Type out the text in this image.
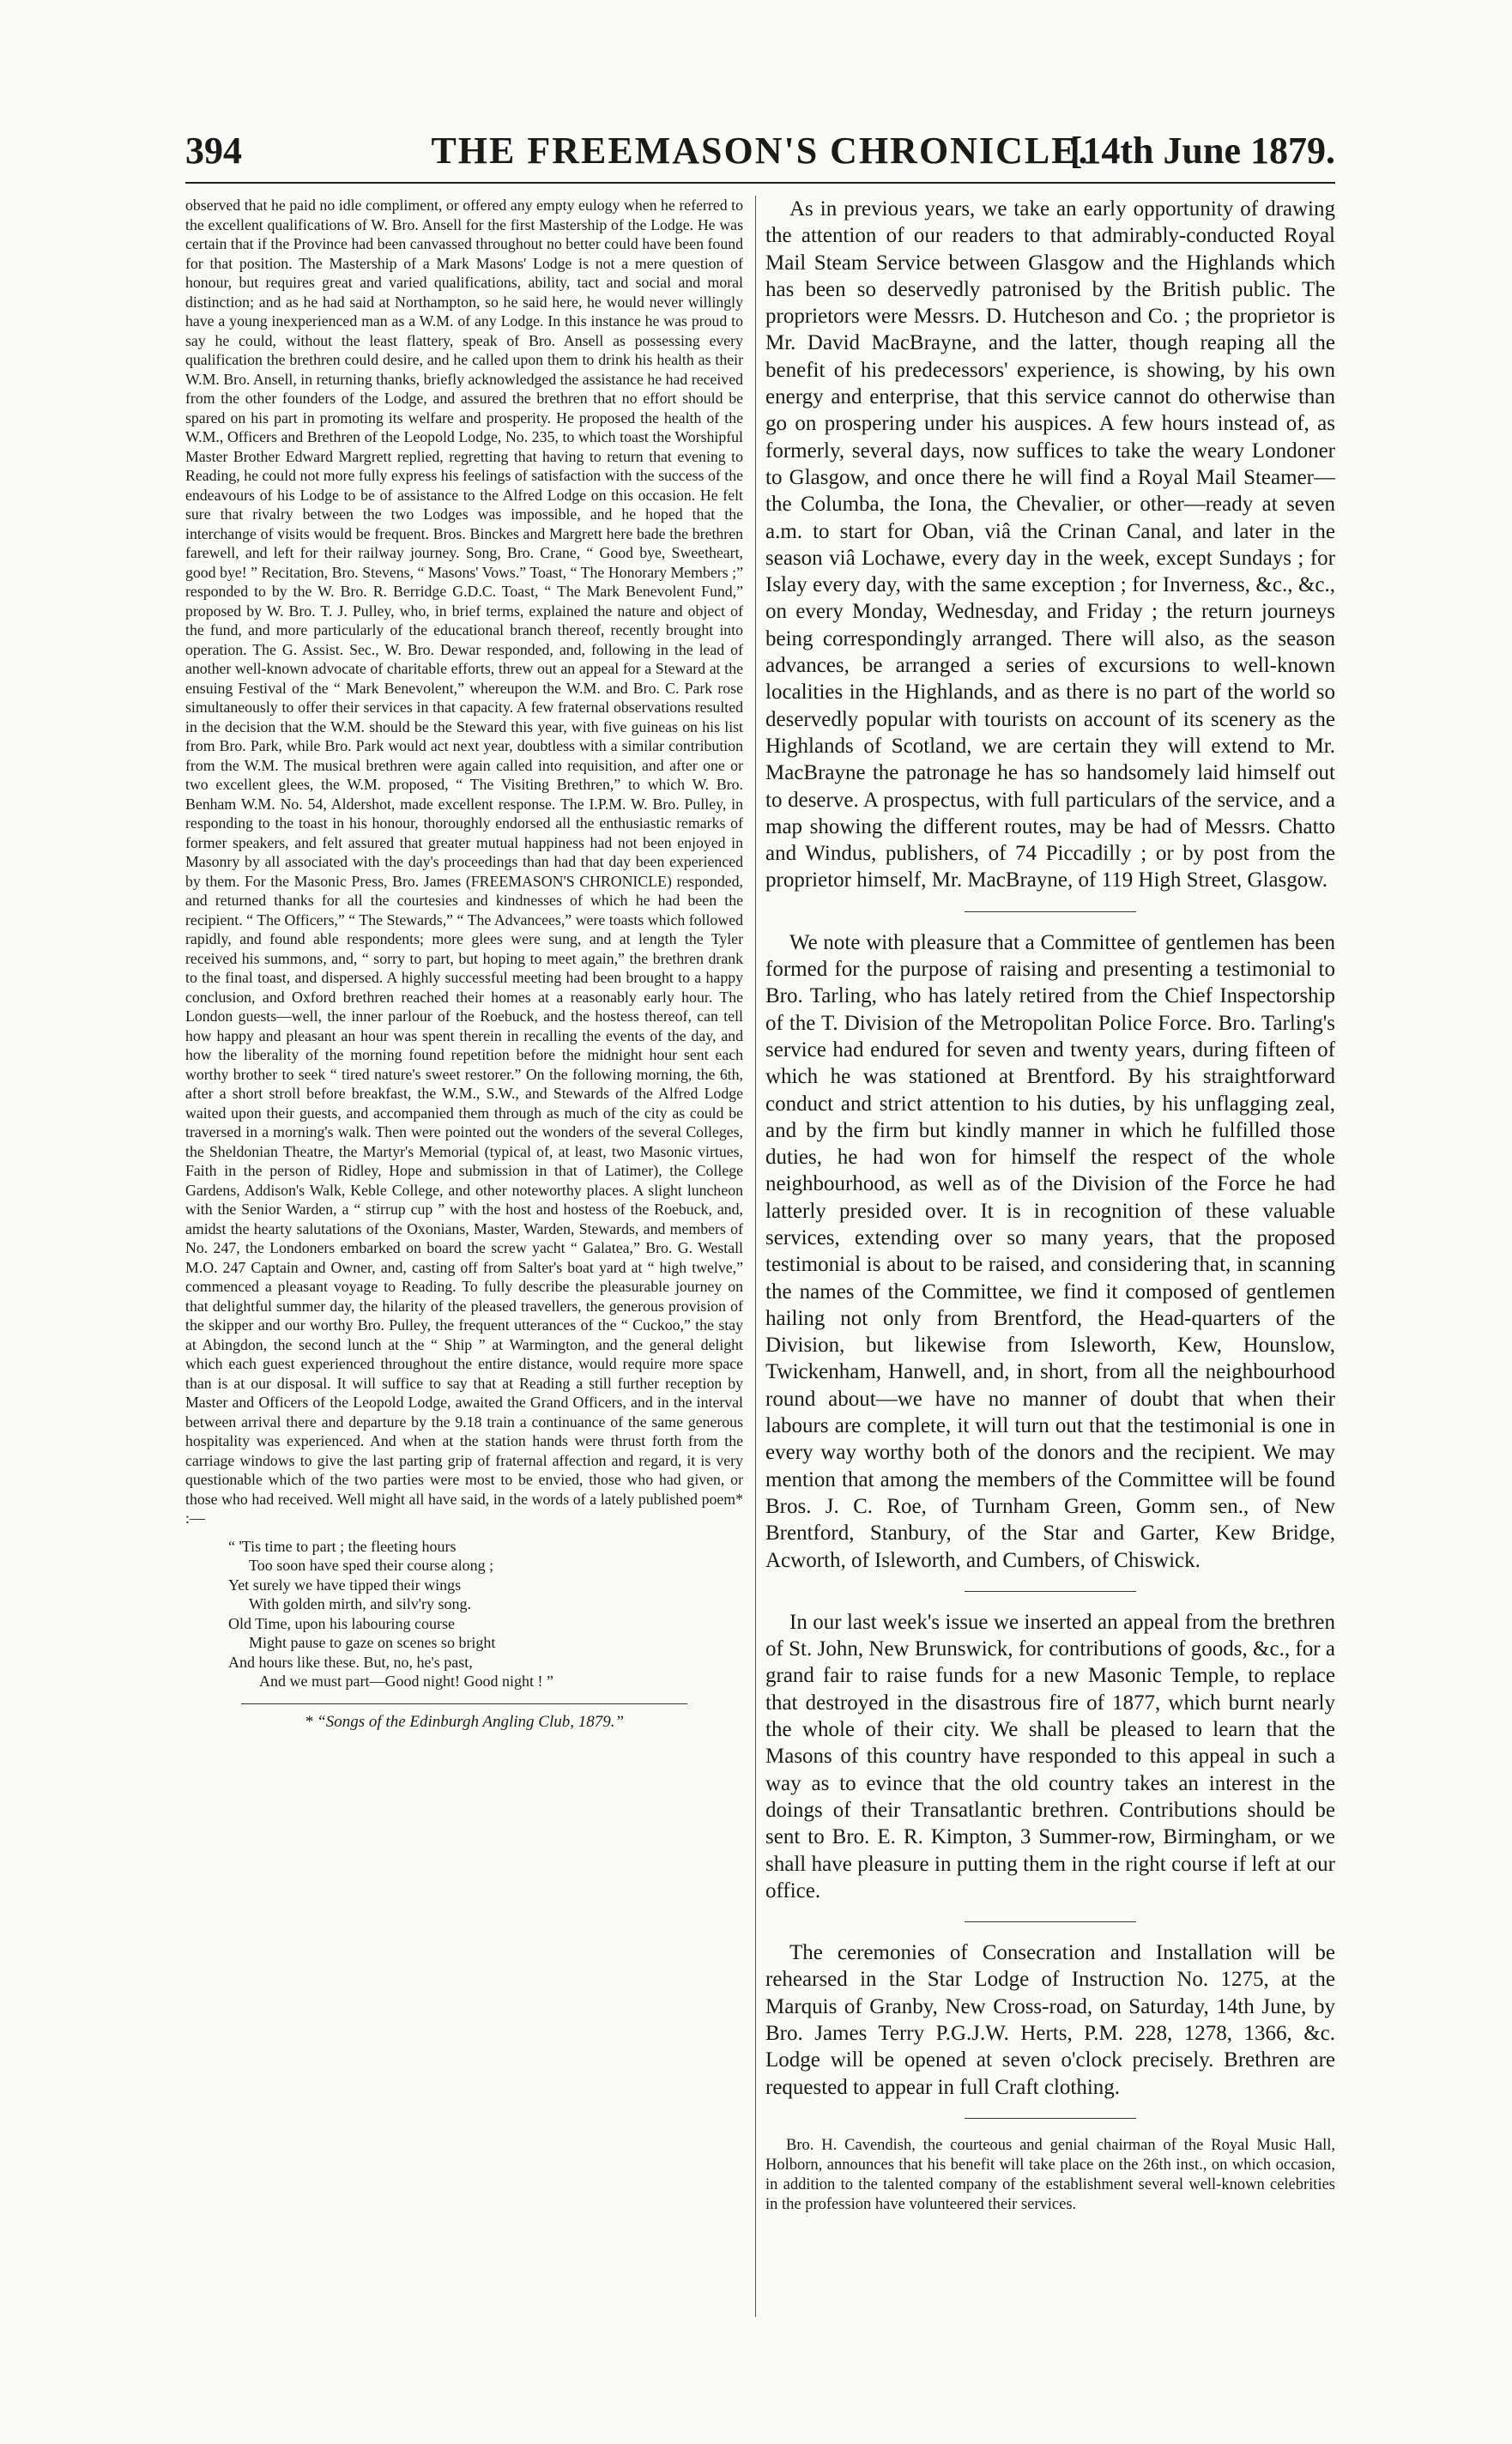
THE FREEMASON'S CHRONICLE.
394	[14th June 1879.

observed that he paid no idle compliment, or offered any empty eulogy when he referred to the excellent qualifications of W. Bro. Ansell for the first Mastership of the Lodge. He was certain that if the Province had been canvassed throughout no better could have been found for that position. The Mastership of a Mark Masons' Lodge is not a mere question of honour, but requires great and varied qualifications, ability, tact and social and moral distinction; and as he had said at Northampton, so he said here, he would never willingly have a young inexperienced man as a W.M. of any Lodge. In this instance he was proud to say he could, without the least flattery, speak of Bro. Ansell as possessing every qualification the brethren could desire, and he called upon them to drink his health as their W.M. Bro. Ansell, in returning thanks, briefly acknowledged the assistance he had received from the other founders of the Lodge, and assured the brethren that no effort should be spared on his part in promoting its welfare and prosperity. He proposed the health of the W.M., Officers and Brethren of the Leopold Lodge, No. 235, to which toast the Worshipful Master Brother Edward Margrett replied, regretting that having to return that evening to Reading, he could not more fully express his feelings of satisfaction with the success of the endeavours of his Lodge to be of assistance to the Alfred Lodge on this occasion. He felt sure that rivalry between the two Lodges was impossible, and he hoped that the interchange of visits would be frequent. Bros. Binckes and Margrett here bade the brethren farewell, and left for their railway journey. Song, Bro. Crane, “ Good bye, Sweetheart, good bye! ” Recitation, Bro. Stevens, “ Masons' Vows.” Toast, “ The Honorary Members ;” responded to by the W. Bro. R. Berridge G.D.C. Toast, “ The Mark Benevolent Fund,” proposed by W. Bro. T. J. Pulley, who, in brief terms, explained the nature and object of the fund, and more particularly of the educational branch thereof, recently brought into operation. The G. Assist. Sec., W. Bro. Dewar responded, and, following in the lead of another well-known advocate of charitable efforts, threw out an appeal for a Steward at the ensuing Festival of the “ Mark Benevolent,” whereupon the W.M. and Bro. C. Park rose simultaneously to offer their services in that capacity. A few fraternal observations resulted in the decision that the W.M. should be the Steward this year, with five guineas on his list from Bro. Park, while Bro. Park would act next year, doubtless with a similar contribution from the W.M. The musical brethren were again called into requisition, and after one or two excellent glees, the W.M. proposed, “ The Visiting Brethren,” to which W. Bro. Benham W.M. No. 54, Aldershot, made excellent response. The I.P.M. W. Bro. Pulley, in responding to the toast in his honour, thoroughly endorsed all the enthusiastic remarks of former speakers, and felt assured that greater mutual happiness had not been enjoyed in Masonry by all associated with the day's proceedings than had that day been experienced by them. For the Masonic Press, Bro. James (FREEMASON'S CHRONICLE) responded, and returned thanks for all the courtesies and kindnesses of which he had been the recipient. “ The Officers,” “ The Stewards,” “ The Advancees,” were toasts which followed rapidly, and found able respondents; more glees were sung, and at length the Tyler received his summons, and, “ sorry to part, but hoping to meet again,” the brethren drank to the final toast, and dispersed. A highly successful meeting had been brought to a happy conclusion, and Oxford brethren reached their homes at a reasonably early hour. The London guests—well, the inner parlour of the Roebuck, and the hostess thereof, can tell how happy and pleasant an hour was spent therein in recalling the events of the day, and how the liberality of the morning found repetition before the midnight hour sent each worthy brother to seek “ tired nature's sweet restorer.” On the following morning, the 6th, after a short stroll before breakfast, the W.M., S.W., and Stewards of the Alfred Lodge waited upon their guests, and accompanied them through as much of the city as could be traversed in a morning's walk. Then were pointed out the wonders of the several Colleges, the Sheldonian Theatre, the Martyr's Memorial (typical of, at least, two Masonic virtues, Faith in the person of Ridley, Hope and submission in that of Latimer), the College Gardens, Addison's Walk, Keble College, and other noteworthy places. A slight luncheon with the Senior Warden, a “ stirrup cup ” with the host and hostess of the Roebuck, and, amidst the hearty salutations of the Oxonians, Master, Warden, Stewards, and members of No. 247, the Londoners embarked on board the screw yacht “ Galatea,” Bro. G. Westall M.O. 247 Captain and Owner, and, casting off from Salter's boat yard at “ high twelve,” commenced a pleasant voyage to Reading. To fully describe the pleasurable journey on that delightful summer day, the hilarity of the pleased travellers, the generous provision of the skipper and our worthy Bro. Pulley, the frequent utterances of the “ Cuckoo,” the stay at Abingdon, the second lunch at the “ Ship ” at Warmington, and the general delight which each guest experienced throughout the entire distance, would require more space than is at our disposal. It will suffice to say that at Reading a still further reception by Master and Officers of the Leopold Lodge, awaited the Grand Officers, and in the interval between arrival there and departure by the 9.18 train a continuance of the same generous hospitality was experienced. And when at the station hands were thrust forth from the carriage windows to give the last parting grip of fraternal affection and regard, it is very questionable which of the two parties were most to be envied, those who had given, or those who had received. Well might all have said, in the words of a lately published poem* :—

“ 'Tis time to part ; the fleeting hours
Too soon have sped their course along ;
Yet surely we have tipped their wings
With golden mirth, and silv'ry song.
Old Time, upon his labouring course
Might pause to gaze on scenes so bright
And hours like these. But, no, he's past,
And we must part—Good night! Good night ! ”
* “Songs of the Edinburgh Angling Club, 1879.”

As in previous years, we take an early opportunity of drawing the attention of our readers to that admirably-conducted Royal Mail Steam Service between Glasgow and the Highlands which has been so deservedly patronised by the British public. The proprietors were Messrs. D. Hutcheson and Co. ; the proprietor is Mr. David MacBrayne, and the latter, though reaping all the benefit of his predecessors' experience, is showing, by his own energy and enterprise, that this service cannot do otherwise than go on prospering under his auspices. A few hours instead of, as formerly, several days, now suffices to take the weary Londoner to Glasgow, and once there he will find a Royal Mail Steamer—the Columba, the Iona, the Chevalier, or other—ready at seven a.m. to start for Oban, viâ the Crinan Canal, and later in the season viâ Lochawe, every day in the week, except Sundays ; for Islay every day, with the same exception ; for Inverness, &c., &c., on every Monday, Wednesday, and Friday ; the return journeys being correspondingly arranged. There will also, as the season advances, be arranged a series of excursions to well-known localities in the Highlands, and as there is no part of the world so deservedly popular with tourists on account of its scenery as the Highlands of Scotland, we are certain they will extend to Mr. MacBrayne the patronage he has so handsomely laid himself out to deserve. A prospectus, with full particulars of the service, and a map showing the different routes, may be had of Messrs. Chatto and Windus, publishers, of 74 Piccadilly ; or by post from the proprietor himself, Mr. MacBrayne, of 119 High Street, Glasgow.

We note with pleasure that a Committee of gentlemen has been formed for the purpose of raising and presenting a testimonial to Bro. Tarling, who has lately retired from the Chief Inspectorship of the T. Division of the Metropolitan Police Force. Bro. Tarling's service had endured for seven and twenty years, during fifteen of which he was stationed at Brentford. By his straightforward conduct and strict attention to his duties, by his unflagging zeal, and by the firm but kindly manner in which he fulfilled those duties, he had won for himself the respect of the whole neighbourhood, as well as of the Division of the Force he had latterly presided over. It is in recognition of these valuable services, extending over so many years, that the proposed testimonial is about to be raised, and considering that, in scanning the names of the Committee, we find it composed of gentlemen hailing not only from Brentford, the Head-quarters of the Division, but likewise from Isleworth, Kew, Hounslow, Twickenham, Hanwell, and, in short, from all the neighbourhood round about—we have no manner of doubt that when their labours are complete, it will turn out that the testimonial is one in every way worthy both of the donors and the recipient. We may mention that among the members of the Committee will be found Bros. J. C. Roe, of Turnham Green, Gomm sen., of New Brentford, Stanbury, of the Star and Garter, Kew Bridge, Acworth, of Isleworth, and Cumbers, of Chiswick.

In our last week's issue we inserted an appeal from the brethren of St. John, New Brunswick, for contributions of goods, &c., for a grand fair to raise funds for a new Masonic Temple, to replace that destroyed in the disastrous fire of 1877, which burnt nearly the whole of their city. We shall be pleased to learn that the Masons of this country have responded to this appeal in such a way as to evince that the old country takes an interest in the doings of their Transatlantic brethren. Contributions should be sent to Bro. E. R. Kimpton, 3 Summer-row, Birmingham, or we shall have pleasure in putting them in the right course if left at our office.

The ceremonies of Consecration and Installation will be rehearsed in the Star Lodge of Instruction No. 1275, at the Marquis of Granby, New Cross-road, on Saturday, 14th June, by Bro. James Terry P.G.J.W. Herts, P.M. 228, 1278, 1366, &c. Lodge will be opened at seven o'clock precisely. Brethren are requested to appear in full Craft clothing.

Bro. H. Cavendish, the courteous and genial chairman of the Royal Music Hall, Holborn, announces that his benefit will take place on the 26th inst., on which occasion, in addition to the talented company of the establishment several well-known celebrities in the profession have volunteered their services.
